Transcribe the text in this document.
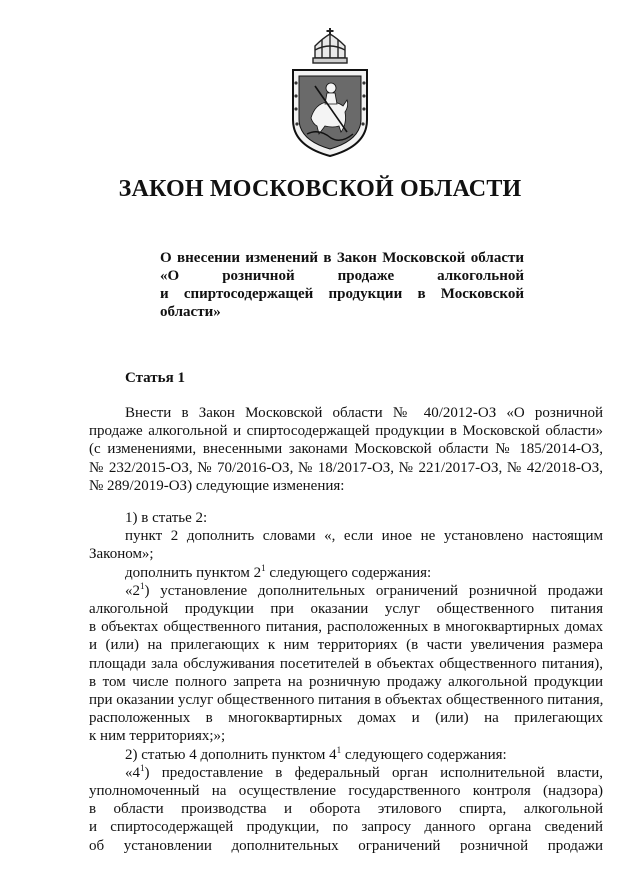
ЗАКОН МОСКОВСКОЙ ОБЛАСТИ
О внесении изменений в Закон Московской области
«О розничной продаже алкогольной
и спиртосодержащей продукции в Московской
области»
Статья 1
Внести в Закон Московской области № 40/2012-ОЗ «О розничной
продаже алкогольной и спиртосодержащей продукции в Московской области»
(с изменениями, внесенными законами Московской области № 185/2014-ОЗ,
№ 232/2015-ОЗ, № 70/2016-ОЗ, № 18/2017-ОЗ, № 221/2017-ОЗ, № 42/2018-ОЗ,
№ 289/2019-ОЗ) следующие изменения:
1) в статье 2:
пункт 2 дополнить словами «, если иное не установлено настоящим
Законом»;
дополнить пунктом $2^1$ следующего содержания:
«$2^1$) установление дополнительных ограничений розничной продажи
алкогольной продукции при оказании услуг общественного питания
в объектах общественного питания, расположенных в многоквартирных домах
и (или) на прилегающих к ним территориях (в части увеличения размера
площади зала обслуживания посетителей в объектах общественного питания),
в том числе полного запрета на розничную продажу алкогольной продукции
при оказании услуг общественного питания в объектах общественного питания,
расположенных в многоквартирных домах и (или) на прилегающих
к ним территориях;»;
2) статью 4 дополнить пунктом $4^1$ следующего содержания:
«$4^1$) предоставление в федеральный орган исполнительной власти,
уполномоченный на осуществление государственного контроля (надзора)
в области производства и оборота этилового спирта, алкогольной
и спиртосодержащей продукции, по запросу данного органа сведений
об установлении дополнительных ограничений розничной продажи
